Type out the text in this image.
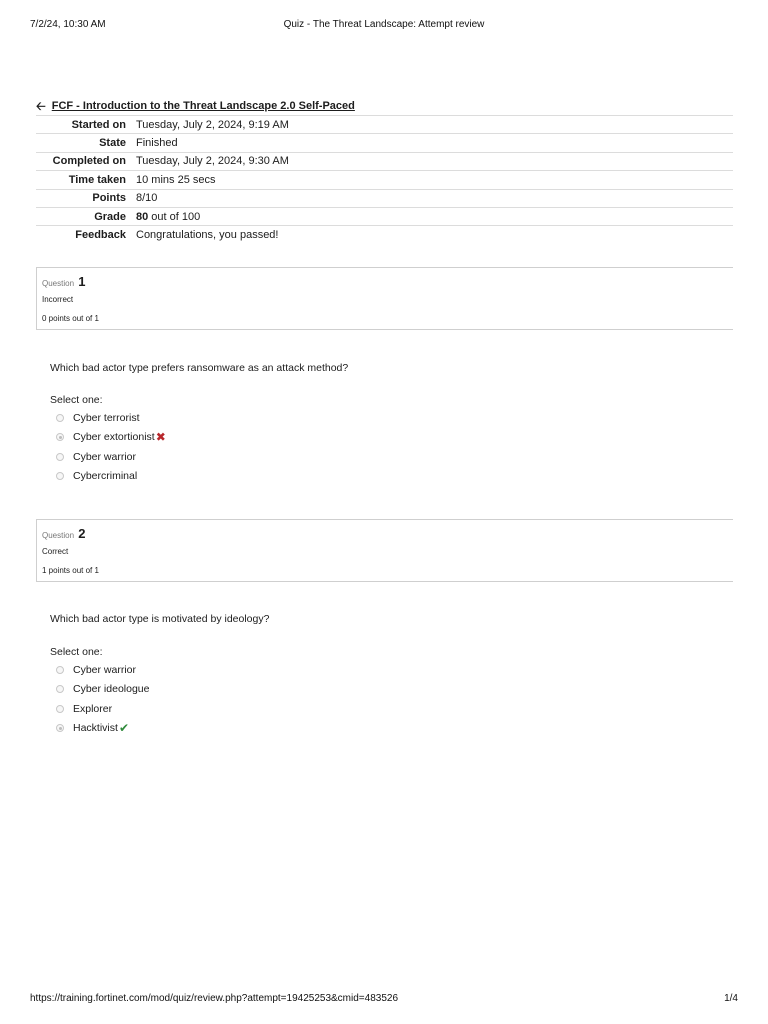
7/2/24, 10:30 AM	Quiz - The Threat Landscape: Attempt review
🡠 FCF - Introduction to the Threat Landscape 2.0 Self-Paced
Started on Tuesday, July 2, 2024, 9:19 AM
State Finished
Completed on Tuesday, July 2, 2024, 9:30 AM
Time taken 10 mins 25 secs
Points 8/10
Grade 80 out of 100
Feedback Congratulations, you passed!
Question 1
Incorrect
0 points out of 1
Which bad actor type prefers ransomware as an attack method?
Select one:
Cyber terrorist
Cyber extortionist ✖
Cyber warrior
Cybercriminal
Question 2
Correct
1 points out of 1
Which bad actor type is motivated by ideology?
Select one:
Cyber warrior
Cyber ideologue
Explorer
Hacktivist ✔
https://training.fortinet.com/mod/quiz/review.php?attempt=19425253&cmid=483526	1/4
